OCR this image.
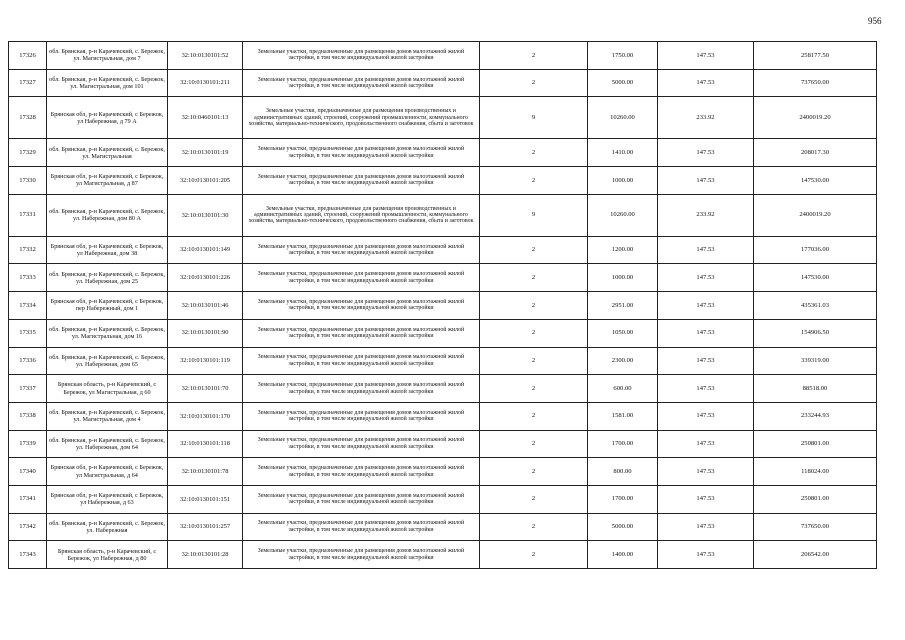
956
17326	обл. Брянская, р-н Карачевский, с. Бережок, ул. Магистральная, дом 7	32:10:0130101:52	Земельные участки, предназначенные для размещения домов малоэтажной жилой застройки, в том числе индивидуальной жилой застройки	2	1750.00	147.53	258177.50
17327	обл. Брянская, р-н Карачевский, с. Бережок, ул. Магистральная, дом 101	32:10:0130101:211	Земельные участки, предназначенные для размещения домов малоэтажной жилой застройки, в том числе индивидуальной жилой застройки	2	5000.00	147.53	737650.00
17328	Брянская обл, р-н Карачевский, с Бережок, ул Набережная, д 79 А	32:10:0460101:13	Земельные участки, предназначенные для размещения производственных и административных зданий, строений, сооружений промышленности, коммунального хозяйства, материально-технического, продовольственного снабжения, сбыта и заготовок	9	10260.00	233.92	2400019.20
17329	обл. Брянская, р-н Карачевский, с. Бережок, ул. Магистральная	32:10:0130101:19	Земельные участки, предназначенные для размещения домов малоэтажной жилой застройки, в том числе индивидуальной жилой застройки	2	1410.00	147.53	208017.30
17330	Брянская обл, р-н Карачевский, с Бережок, ул Магистральная, д 87	32:10:0130101:205	Земельные участки, предназначенные для размещения домов малоэтажной жилой застройки, в том числе индивидуальной жилой застройки	2	1000.00	147.53	147530.00
17331	обл. Брянская, р-н Карачевский, с. Бережок, ул. Набережная, дом 80 А	32:10:0130101:30	Земельные участки, предназначенные для размещения производственных и административных зданий, строений, сооружений промышленности, коммунального хозяйства, материально-технического, продовольственного снабжения, сбыта и заготовок	9	10260.00	233.92	2400019.20
17332	Брянская обл, р-н Карачевский, с Бережок, ул Набережная, дом 38	32:10:0130101:149	Земельные участки, предназначенные для размещения домов малоэтажной жилой застройки, в том числе индивидуальной жилой застройки	2	1200.00	147.53	177036.00
17333	обл. Брянская, р-н Карачевский, с. Бережок, ул. Набережная, дом 25	32:10:0130101:226	Земельные участки, предназначенные для размещения домов малоэтажной жилой застройки, в том числе индивидуальной жилой застройки	2	1000.00	147.53	147530.00
17334	Брянская обл, р-н Карачевский, с Бережок, пер Набережный, дом 1	32:10:0130101:46	Земельные участки, предназначенные для размещения домов малоэтажной жилой застройки, в том числе индивидуальной жилой застройки	2	2951.00	147.53	435361.03
17335	обл. Брянская, р-н Карачевский, с. Бережок, ул. Магистральная, дом 16	32:10:0130101:90	Земельные участки, предназначенные для размещения домов малоэтажной жилой застройки, в том числе индивидуальной жилой застройки	2	1050.00	147.53	154906.50
17336	обл. Брянская, р-н Карачевский, с. Бережок, ул. Набережная, дом 65	32:10:0130101:119	Земельные участки, предназначенные для размещения домов малоэтажной жилой застройки, в том числе индивидуальной жилой застройки	2	2300.00	147.53	339319.00
17337	Брянская область, р-н Карачевский, с Бережок, ул Магистральная, д 60	32:10:0130101:70	Земельные участки, предназначенные для размещения домов малоэтажной жилой застройки, в том числе индивидуальной жилой застройки	2	600.00	147.53	88518.00
17338	обл. Брянская, р-н Карачевский, с. Бережок, ул. Магистральная, дом 4	32:10:0130101:170	Земельные участки, предназначенные для размещения домов малоэтажной жилой застройки, в том числе индивидуальной жилой застройки	2	1581.00	147.53	233244.93
17339	обл. Брянская, р-н Карачевский, с. Бережок, ул. Набережная, дом 64	32:10:0130101:118	Земельные участки, предназначенные для размещения домов малоэтажной жилой застройки, в том числе индивидуальной жилой застройки	2	1700.00	147.53	250801.00
17340	Брянская обл, р-н Карачевский, с Бережок, ул Магистральная, д 64	32:10:0130101:78	Земельные участки, предназначенные для размещения домов малоэтажной жилой застройки, в том числе индивидуальной жилой застройки	2	800.00	147.53	118024.00
17341	Брянская обл, р-н Карачевский, с Бережок, ул Набережная, д 63	32:10:0130101:151	Земельные участки, предназначенные для размещения домов малоэтажной жилой застройки, в том числе индивидуальной жилой застройки	2	1700.00	147.53	250801.00
17342	обл. Брянская, р-н Карачевский, с. Бережок, ул. Набережная	32:10:0130101:257	Земельные участки, предназначенные для размещения домов малоэтажной жилой застройки, в том числе индивидуальной жилой застройки	2	5000.00	147.53	737650.00
17343	Брянская область, р-н Карачевский, с Бережок, ул Набережная, д 80	32:10:0130101:28	Земельные участки, предназначенные для размещения домов малоэтажной жилой застройки, в том числе индивидуальной жилой застройки	2	1400.00	147.53	206542.00
